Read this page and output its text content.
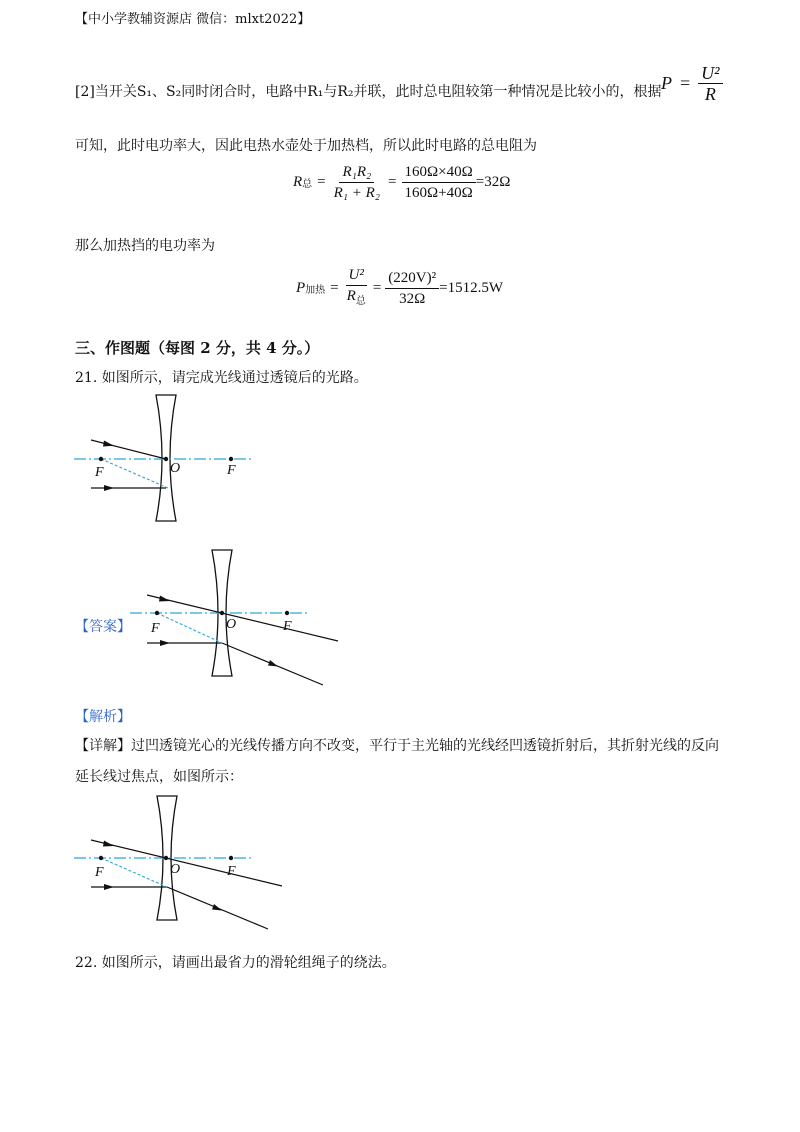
【中小学教辅资源店 微信：mlxt2022】
[2]当开关S₁、S₂同时闭合时，电路中R₁与R₂并联，此时总电阻较第一种情况是比较小的，根据 $P = \frac{\text{U²}}{R}$
可知，此时电功率大，因此电热水壶处于加热档，所以此时电路的总电阻为
R 总 = $\frac{\text{R₁R₂}}{\text{R₁ + R₂}} = \frac{160\Omega\times 40\Omega}{160\Omega+40\Omega} =32\Omega$
那么加热挡的电功率为
P 加热 = $\frac{\text{U²}}{R_总} = \frac{\text{(220V)²}}{32\Omega} =1512.5W$
三、作图题（每图 2 分，共 4 分。）
21. 如图所示，请完成光线通过透镜后的光路。
F	O	F
【答案】 F	O	F
【解析】
【详解】过凹透镜光心的光线传播方向不改变，平行于主光轴的光线经凹透镜折射后，其折射光线的反向
延长线过焦点，如图所示：
F	O	F
22. 如图所示，请画出最省力的滑轮组绳子的绕法。
